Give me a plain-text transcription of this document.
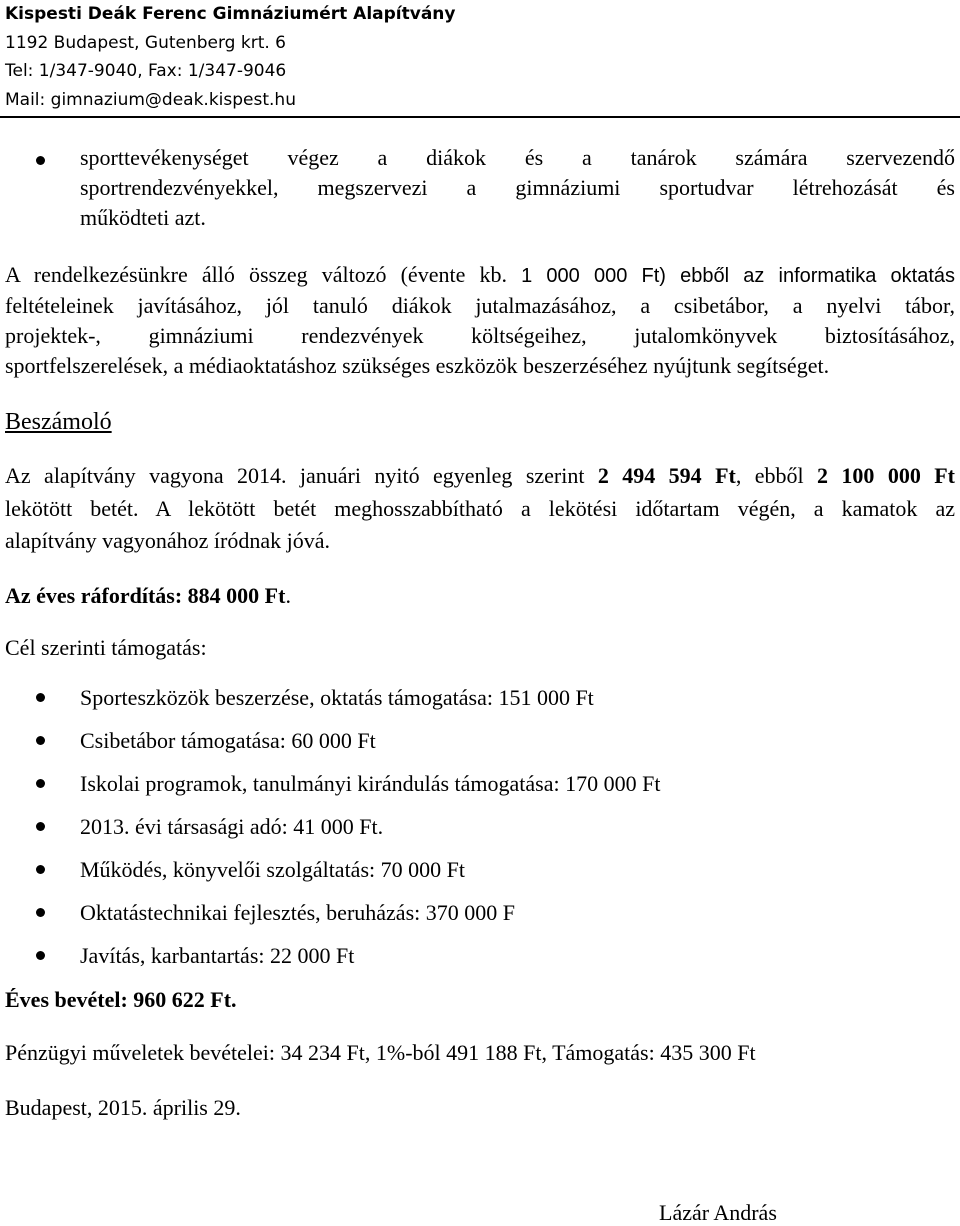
Kispesti Deák Ferenc Gimnáziumért Alapítvány
1192 Budapest, Gutenberg krt. 6
Tel: 1/347-9040, Fax: 1/347-9046
Mail: gimnazium@deak.kispest.hu
sporttevékenységet végez a diákok és a tanárok számára szervezendő
sportrendezvényekkel, megszervezi a gimnáziumi sportudvar létrehozását és
működteti azt.
A rendelkezésünkre álló összeg változó (évente kb. 1 000 000 Ft) ebből az informatika oktatás
feltételeinek javításához, jól tanuló diákok jutalmazásához, a csibetábor, a nyelvi tábor,
projektek-, gimnáziumi rendezvények költségeihez, jutalomkönyvek biztosításához,
sportfelszerelések, a médiaoktatáshoz szükséges eszközök beszerzéséhez nyújtunk segítséget.
Beszámoló
Az alapítvány vagyona 2014. januári nyitó egyenleg szerint 2 494 594 Ft, ebből 2 100 000 Ft
lekötött betét. A lekötött betét meghosszabbítható a lekötési időtartam végén, a kamatok az
alapítvány vagyonához íródnak jóvá.
Az éves ráfordítás: 884 000 Ft.
Cél szerinti támogatás:
Sporteszközök beszerzése, oktatás támogatása: 151 000 Ft
Csibetábor támogatása: 60 000 Ft
Iskolai programok, tanulmányi kirándulás támogatása: 170 000 Ft
2013. évi társasági adó: 41 000 Ft.
Működés, könyvelői szolgáltatás: 70 000 Ft
Oktatástechnikai fejlesztés, beruházás: 370 000 F
Javítás, karbantartás: 22 000 Ft
Éves bevétel: 960 622 Ft.
Pénzügyi műveletek bevételei: 34 234 Ft, 1%-ból 491 188 Ft, Támogatás: 435 300 Ft
Budapest, 2015. április 29.
Lázár András
